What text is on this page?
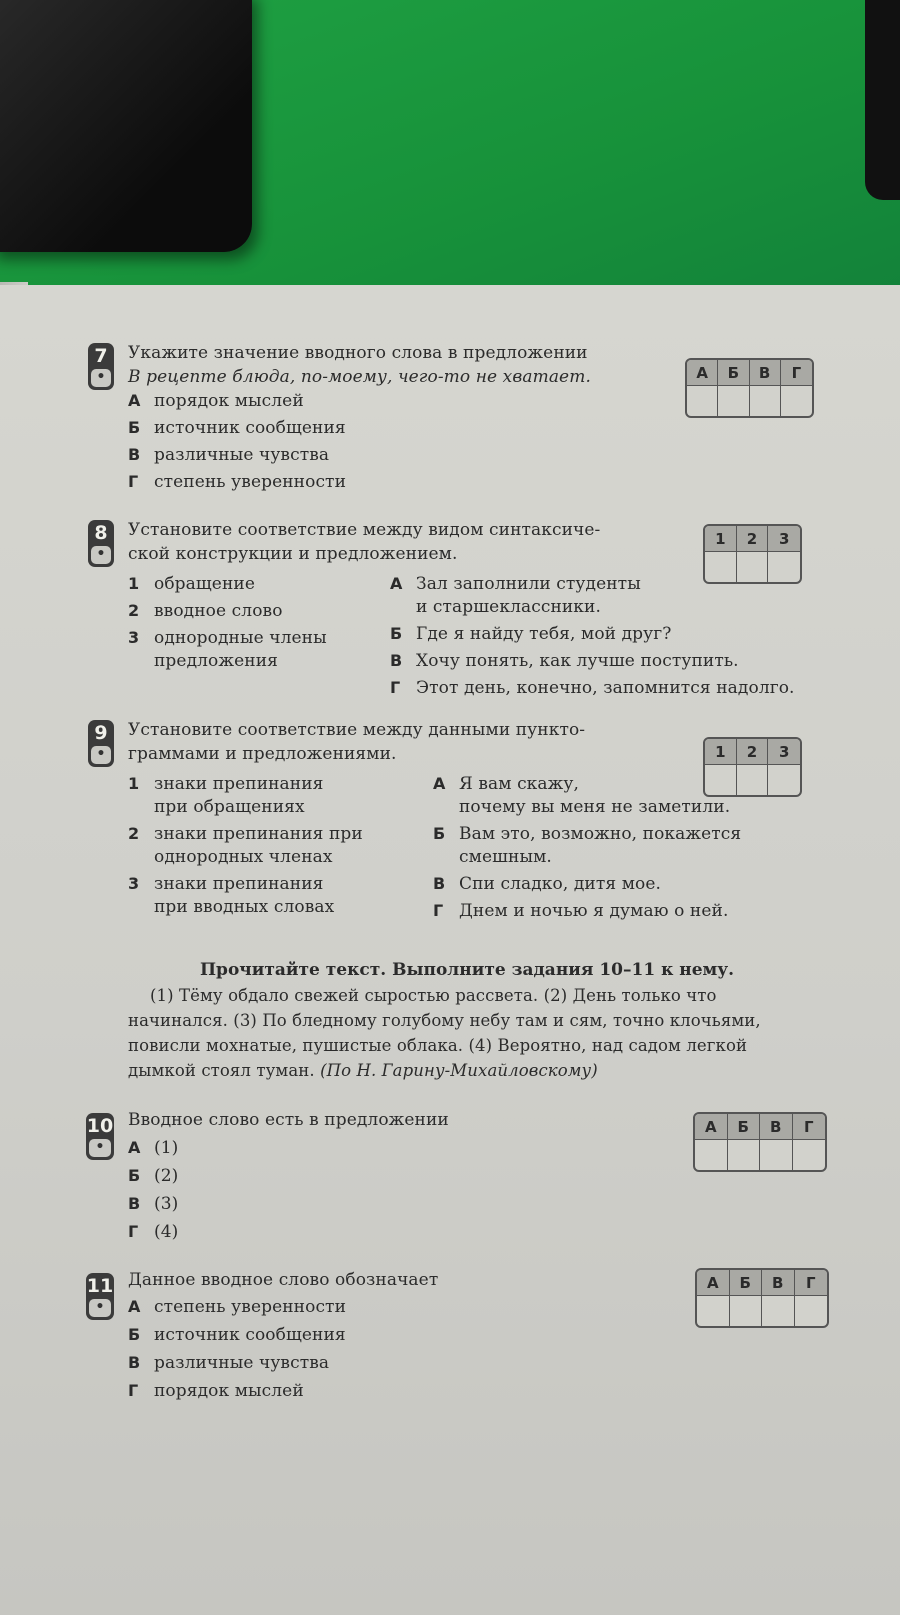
7
•
Укажите значение вводного слова в предложении
В рецепте блюда, по-моему, чего-то не хватает.
А порядок мыслей
Б источник сообщения
В различные чувства
Г степень уверенности
А	Б	В	Г
8
•
Установите соответствие между видом синтаксиче-
ской конструкции и предложением.
1 обращение
2 вводное слово
3 однородные члены
предложения
А Зал заполнили студенты
и старшеклассники.
Б Где я найду тебя, мой друг?
В Хочу понять, как лучше поступить.
Г Этот день, конечно, запомнится надолго.
1	2	3
9
•
Установите соответствие между данными пункто-
граммами и предложениями.
1 знаки препинания
при обращениях
2 знаки препинания при
однородных членах
3 знаки препинания
при вводных словах
А Я вам скажу,
почему вы меня не заметили.
Б Вам это, возможно, покажется
смешным.
В Спи сладко, дитя мое.
Г Днем и ночью я думаю о ней.
1	2	3
Прочитайте текст. Выполните задания 10–11 к нему.
(1) Тёму обдало свежей сыростью рассвета. (2) День только что
начинался. (3) По бледному голубому небу там и сям, точно клочьями,
повисли мохнатые, пушистые облака. (4) Вероятно, над садом легкой
дымкой стоял туман. (По Н. Гарину-Михайловскому)
10
•
Вводное слово есть в предложении
А (1)
Б (2)
В (3)
Г (4)
А	Б	В	Г
11
•
Данное вводное слово обозначает
А степень уверенности
Б источник сообщения
В различные чувства
Г порядок мыслей
А	Б	В	Г
